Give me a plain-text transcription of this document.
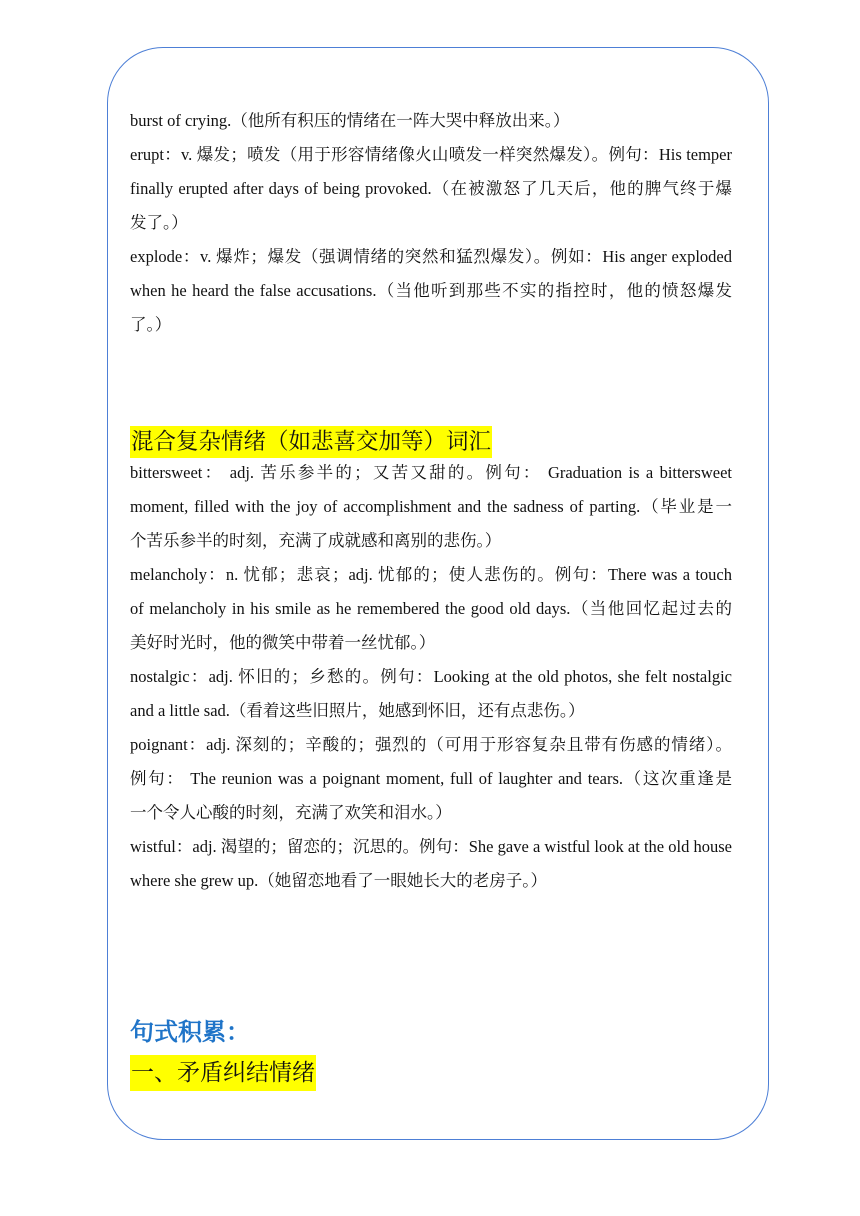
burst of crying.（他所有积压的情绪在一阵大哭中释放出来。）
erupt：v. 爆发；喷发（用于形容情绪像火山喷发一样突然爆发）。例句：His temper
finally erupted after days of being provoked.（在被激怒了几天后，他的脾气终于爆
发了。）
explode：v. 爆炸；爆发（强调情绪的突然和猛烈爆发）。例如：His anger exploded
when he heard the false accusations.（当他听到那些不实的指控时，他的愤怒爆发
了。）
混合复杂情绪（如悲喜交加等）词汇
bittersweet： adj. 苦乐参半的；又苦又甜的。例句： Graduation is a bittersweet
moment, filled with the joy of accomplishment and the sadness of parting.（毕业是一
个苦乐参半的时刻，充满了成就感和离别的悲伤。）
melancholy：n. 忧郁；悲哀；adj. 忧郁的；使人悲伤的。例句：There was a touch
of melancholy in his smile as he remembered the good old days.（当他回忆起过去的
美好时光时，他的微笑中带着一丝忧郁。）
nostalgic：adj. 怀旧的；乡愁的。例句：Looking at the old photos, she felt nostalgic
and a little sad.（看着这些旧照片，她感到怀旧，还有点悲伤。）
poignant：adj. 深刻的；辛酸的；强烈的（可用于形容复杂且带有伤感的情绪）。
例句： The reunion was a poignant moment, full of laughter and tears.（这次重逢是
一个令人心酸的时刻，充满了欢笑和泪水。）
wistful：adj. 渴望的；留恋的；沉思的。例句：She gave a wistful look at the old house
where she grew up.（她留恋地看了一眼她长大的老房子。）
句式积累：
一、矛盾纠结情绪
